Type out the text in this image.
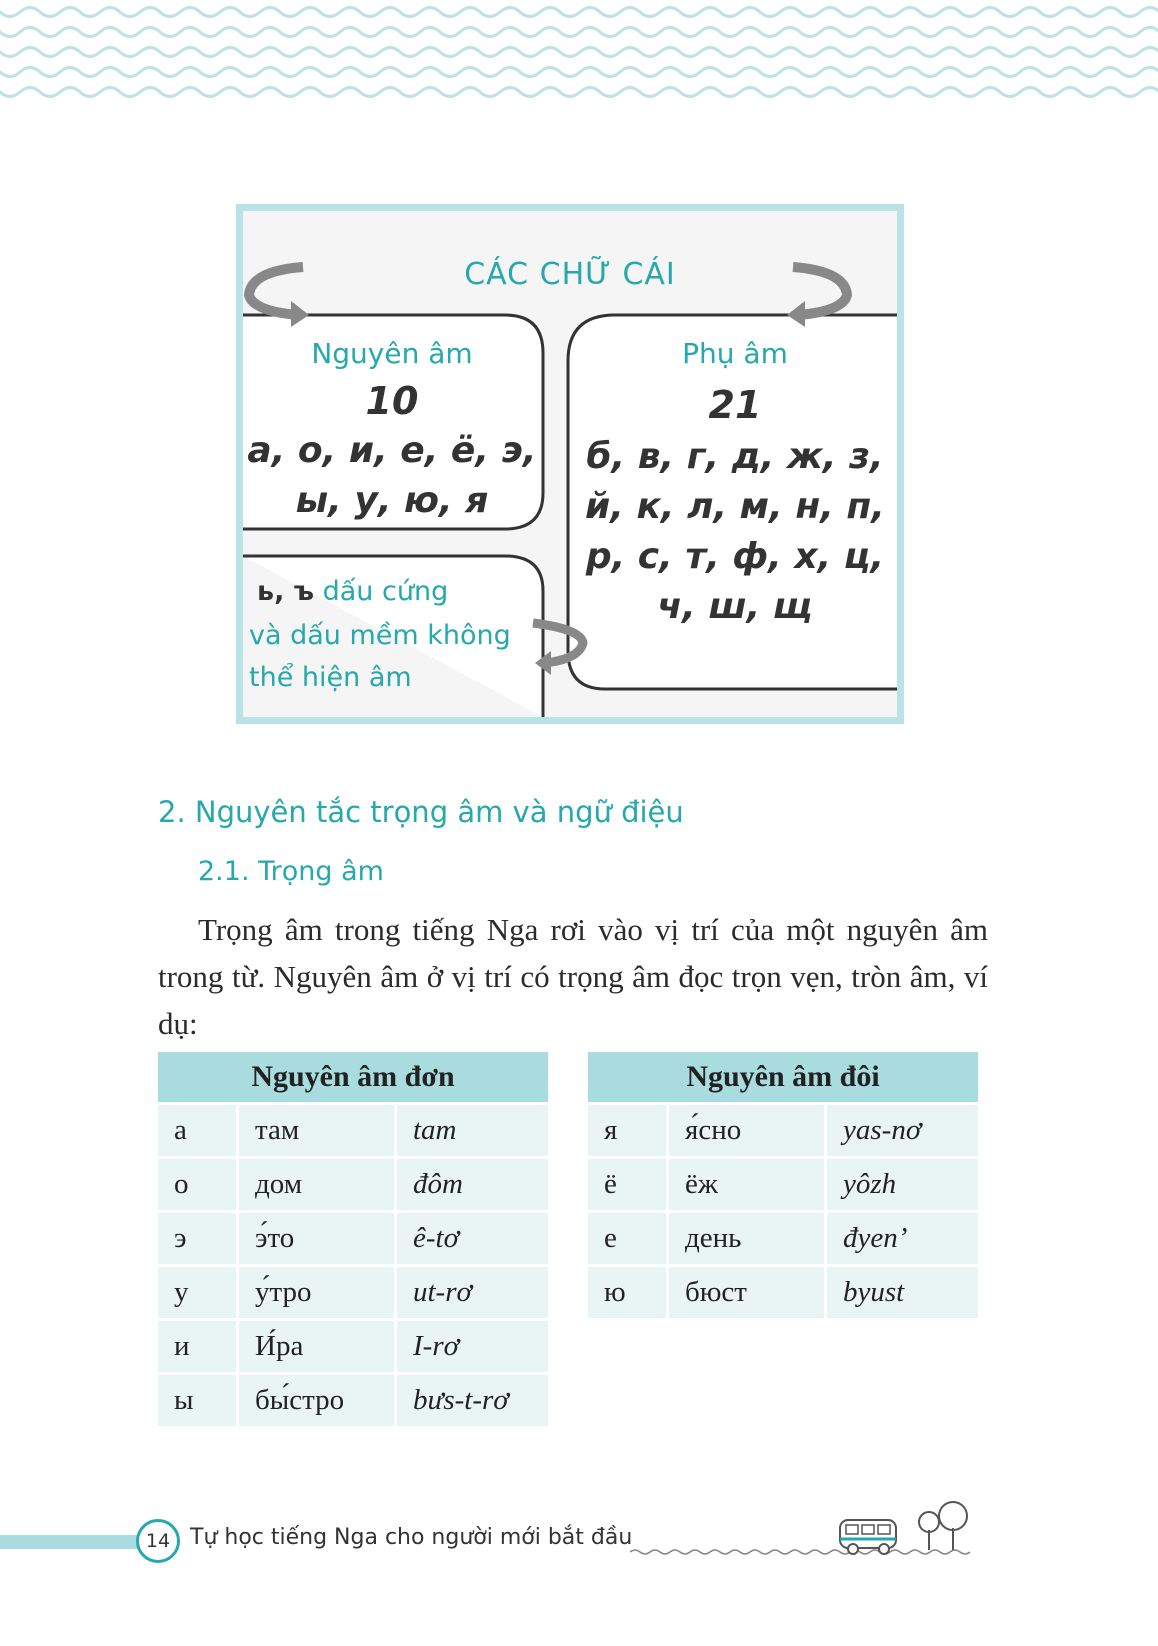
CÁC CHỮ CÁI
Nguyên âm
10
а, о, и, е, ё, э,
ы, у, ю, я
Phụ âm
21
б, в, г, д, ж, з,
й, к, л, м, н, п,
р, с, т, ф, х, ц,
ч, ш, щ
ь, ъ dấu cứng
và dấu mềm không
thể hiện âm
2. Nguyên tắc trọng âm và ngữ điệu
2.1. Trọng âm
Trọng âm trong tiếng Nga rơi vào vị trí của một nguyên âm trong từ. Nguyên âm ở vị trí có trọng âm đọc trọn vẹn, tròn âm, ví dụ:
Nguyên âm đơn		
а	там	tam
о	дом	đôm
э	э́то	ê-tơ
у	у́тро	ut-rơ
и	И́ра	I-rơ
ы	бы́стро	bưs-t-rơ
Nguyên âm đôi		
я	я́сно	yas-nơ
ё	ёж	yôzh
е	день	đyen’
ю	бюст	byust
14 Tự học tiếng Nga cho người mới bắt đầu
